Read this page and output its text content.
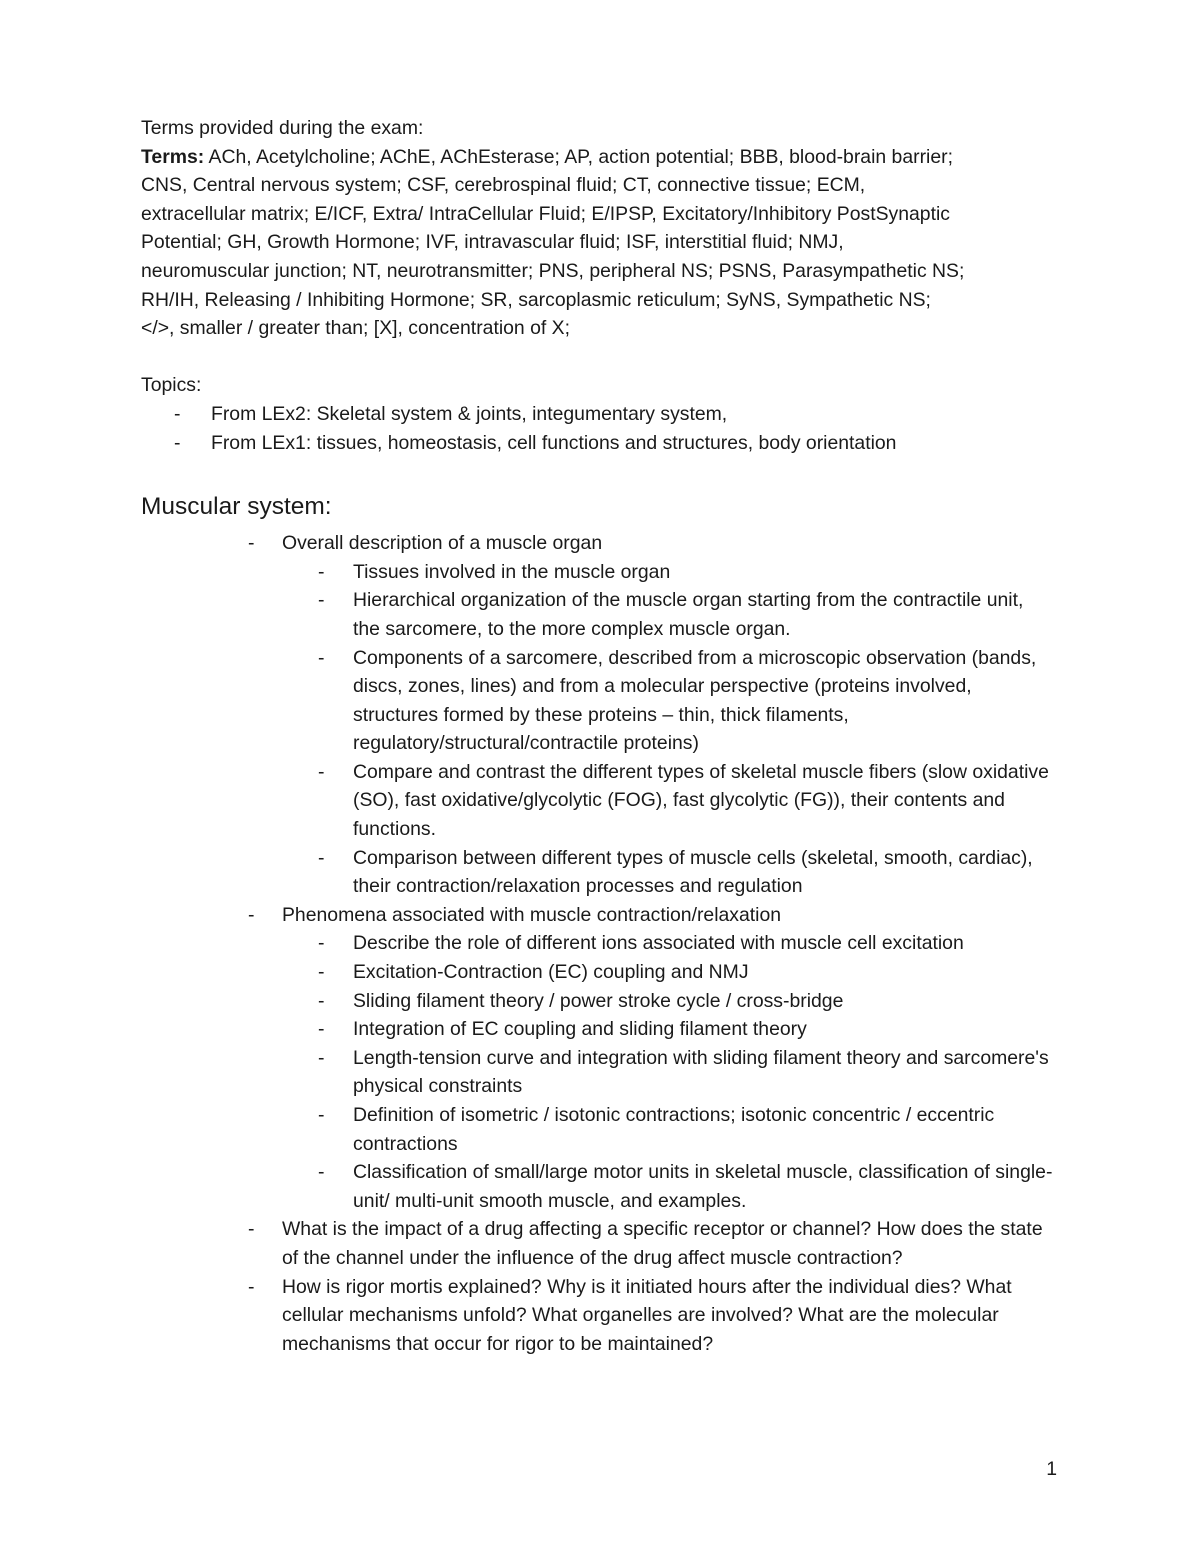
Terms provided during the exam:
Terms: ACh, Acetylcholine; AChE, AChEsterase; AP, action potential; BBB, blood-brain barrier;
CNS, Central nervous system; CSF, cerebrospinal fluid; CT, connective tissue; ECM,
extracellular matrix; E/ICF, Extra/ IntraCellular Fluid; E/IPSP, Excitatory/Inhibitory PostSynaptic
Potential; GH, Growth Hormone; IVF, intravascular fluid; ISF, interstitial fluid; NMJ,
neuromuscular junction; NT, neurotransmitter; PNS, peripheral NS; PSNS, Parasympathetic NS;
RH/IH, Releasing / Inhibiting Hormone; SR, sarcoplasmic reticulum; SyNS, Sympathetic NS;
</>, smaller / greater than; [X], concentration of X;
Topics:
- From LEx2: Skeletal system & joints, integumentary system,
- From LEx1: tissues, homeostasis, cell functions and structures, body orientation
Muscular system:
- Overall description of a muscle organ
- Tissues involved in the muscle organ
- Hierarchical organization of the muscle organ starting from the contractile unit, the sarcomere, to the more complex muscle organ.
- Components of a sarcomere, described from a microscopic observation (bands, discs, zones, lines) and from a molecular perspective (proteins involved, structures formed by these proteins – thin, thick filaments, regulatory/structural/contractile proteins)
- Compare and contrast the different types of skeletal muscle fibers (slow oxidative (SO), fast oxidative/glycolytic (FOG), fast glycolytic (FG)), their contents and functions.
- Comparison between different types of muscle cells (skeletal, smooth, cardiac), their contraction/relaxation processes and regulation
- Phenomena associated with muscle contraction/relaxation
- Describe the role of different ions associated with muscle cell excitation
- Excitation-Contraction (EC) coupling and NMJ
- Sliding filament theory / power stroke cycle / cross-bridge
- Integration of EC coupling and sliding filament theory
- Length-tension curve and integration with sliding filament theory and sarcomere's physical constraints
- Definition of isometric / isotonic contractions; isotonic concentric / eccentric contractions
- Classification of small/large motor units in skeletal muscle, classification of single-unit/ multi-unit smooth muscle, and examples.
- What is the impact of a drug affecting a specific receptor or channel? How does the state of the channel under the influence of the drug affect muscle contraction?
- How is rigor mortis explained? Why is it initiated hours after the individual dies? What cellular mechanisms unfold? What organelles are involved? What are the molecular mechanisms that occur for rigor to be maintained?
1
